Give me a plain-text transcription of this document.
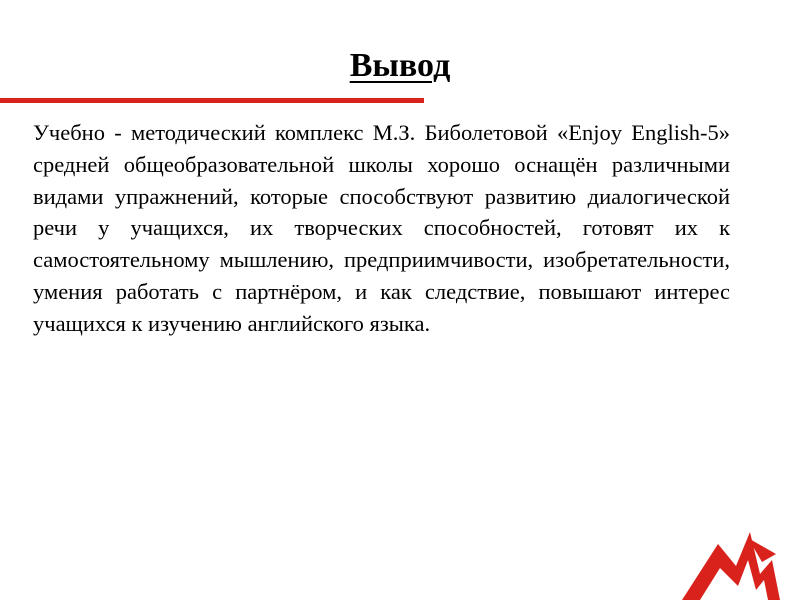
Вывод
Учебно - методический комплекс М.З. Биболетовой «Enjoy English-5» средней общеобразовательной школы хорошо оснащён различными видами упражнений, которые способствуют развитию диалогической речи у учащихся, их творческих способностей, готовят их к самостоятельному мышлению, предприимчивости, изобретательности, умения работать с партнёром, и как следствие, повышают интерес учащихся к изучению английского языка.
